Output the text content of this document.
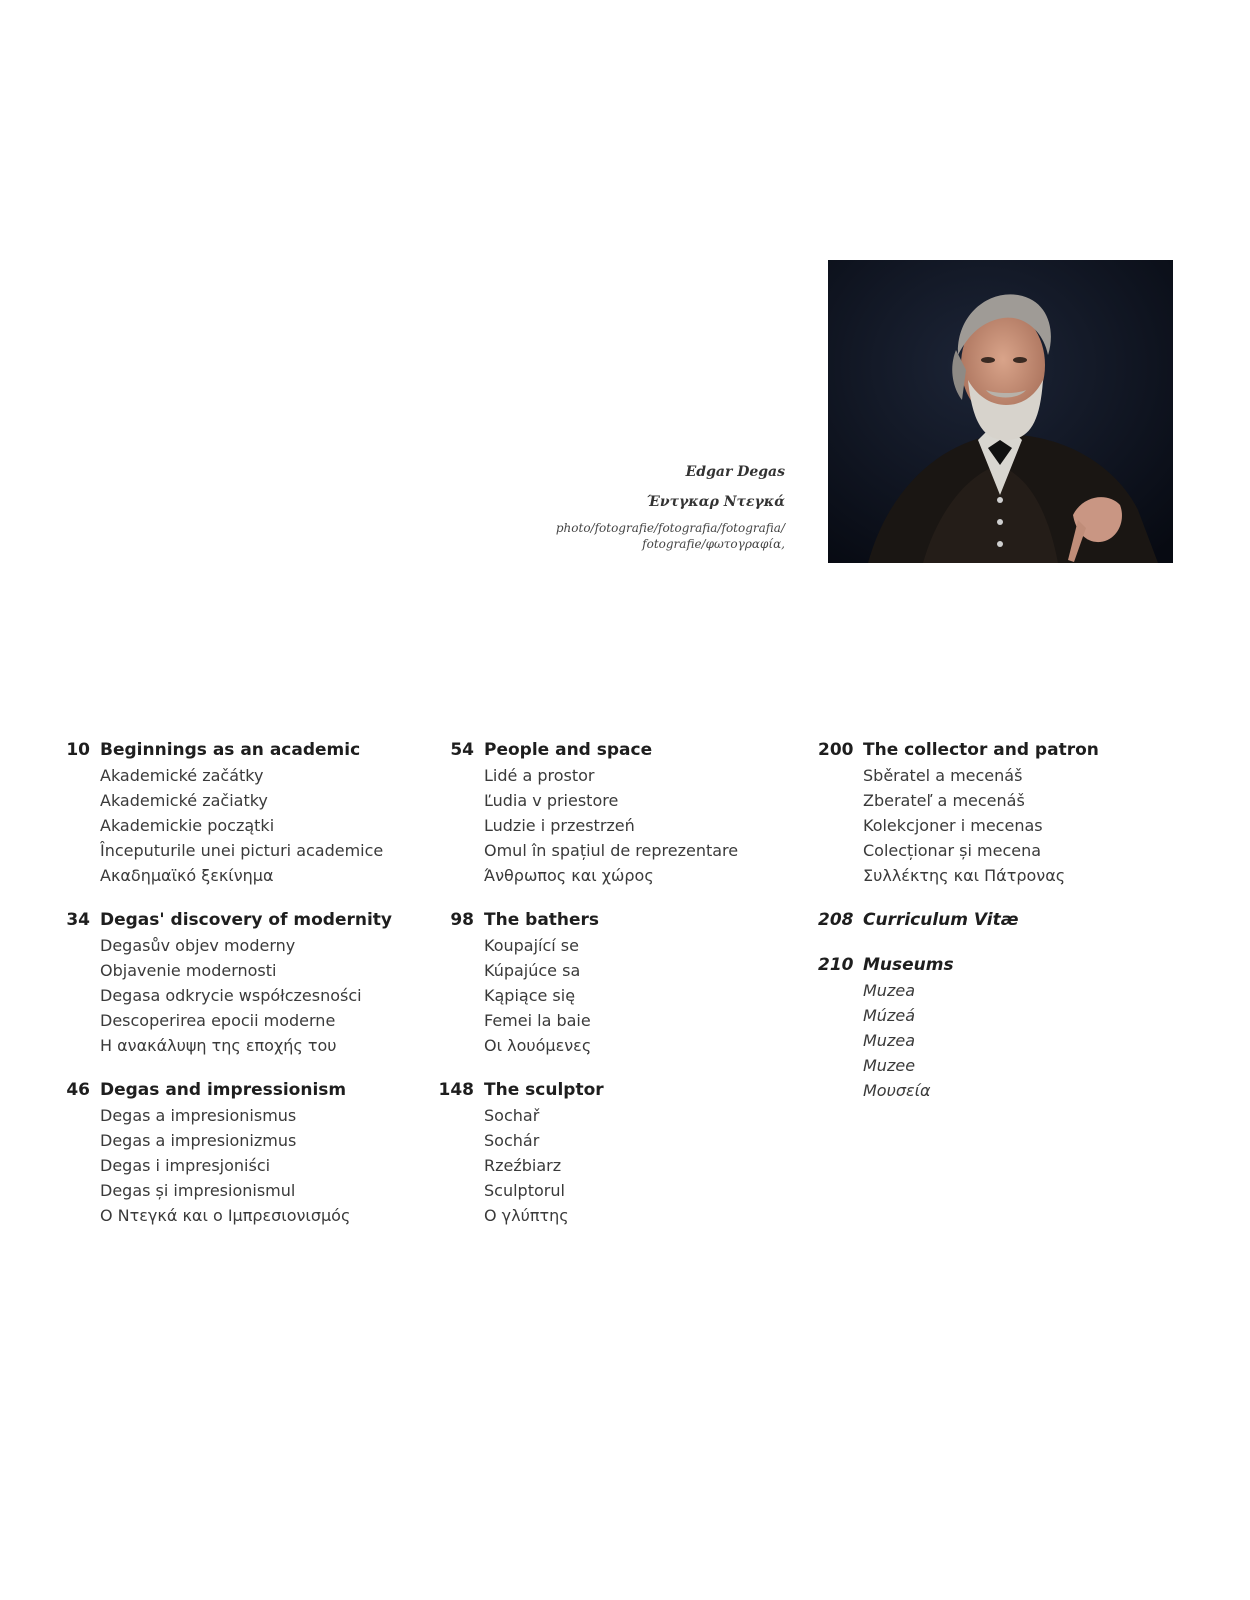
Edgar Degas
Έντγκαρ Ντεγκά
photo/fotografie/fotografia/fotografia/
fotografie/φωτογραφία,
10 Beginnings as an academic
Akademické začátky
Akademické začiatky
Akademickie początki
Începuturile unei picturi academice
Ακαδημαϊκό ξεκίνημα
34 Degas' discovery of modernity
Degasův objev moderny
Objavenie modernosti
Degasa odkrycie współczesności
Descoperirea epocii moderne
Η ανακάλυψη της εποχής του
46 Degas and impressionism
Degas a impresionismus
Degas a impresionizmus
Degas i impresjoniści
Degas și impresionismul
Ο Ντεγκά και ο Ιμπρεσιονισμός
54 People and space
Lidé a prostor
Ľudia v priestore
Ludzie i przestrzeń
Omul în spațiul de reprezentare
Άνθρωπος και χώρος
98 The bathers
Koupající se
Kúpajúce sa
Kąpiące się
Femei la baie
Οι λουόμενες
148 The sculptor
Sochař
Sochár
Rzeźbiarz
Sculptorul
Ο γλύπτης
200 The collector and patron
Sběratel a mecenáš
Zberateľ a mecenáš
Kolekcjoner i mecenas
Colecționar și mecena
Συλλέκτης και Πάτρονας
208 Curriculum Vitæ
210 Museums
Muzea
Múzeá
Muzea
Muzee
Μουσεία
